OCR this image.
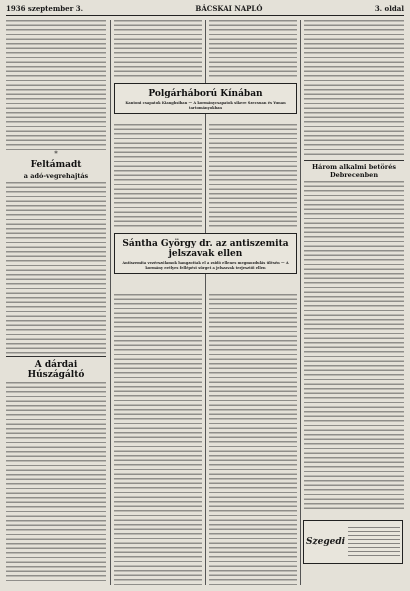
1936 szeptember 3.	BÁCSKAI NAPLÓ	3. oldal
*
Feltámadt
a adó-vegrehajtás
A dárdai Húszágáltó
Polgárháború Kínában
Kantoni csapatok Kianghsiban — A kormánycsapatok sikere Szecsuan és Yunan tartományokban
Sántha György dr. az antiszemita jelszavak ellen
Antiszemita vezérszólamok hangzottak el a zsidó ellenes megmozdulás ülésén — A kormány erélyes fellépést sürget a jelszavak terjesztői ellen
Három alkalmi betörés Debrecenben
Szegedi
